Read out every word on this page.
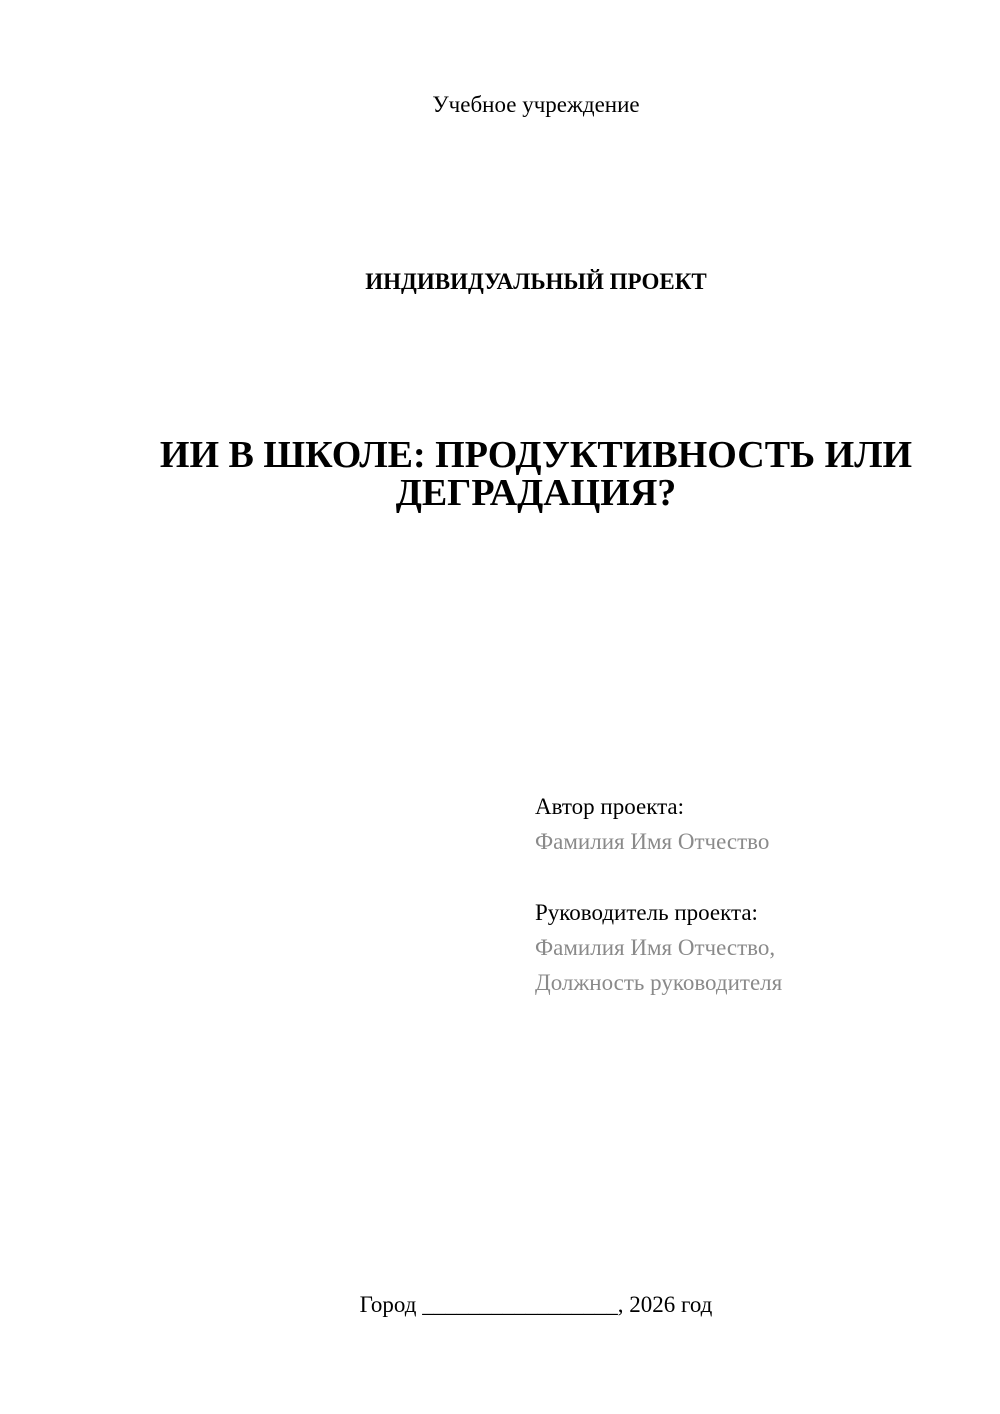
Учебное учреждение
ИНДИВИДУАЛЬНЫЙ ПРОЕКТ
ИИ В ШКОЛЕ: ПРОДУКТИВНОСТЬ ИЛИ
ДЕГРАДАЦИЯ?
Автор проекта:
Фамилия Имя Отчество
Руководитель проекта:
Фамилия Имя Отчество,
Должность руководителя
Город _________________, 2026 год
